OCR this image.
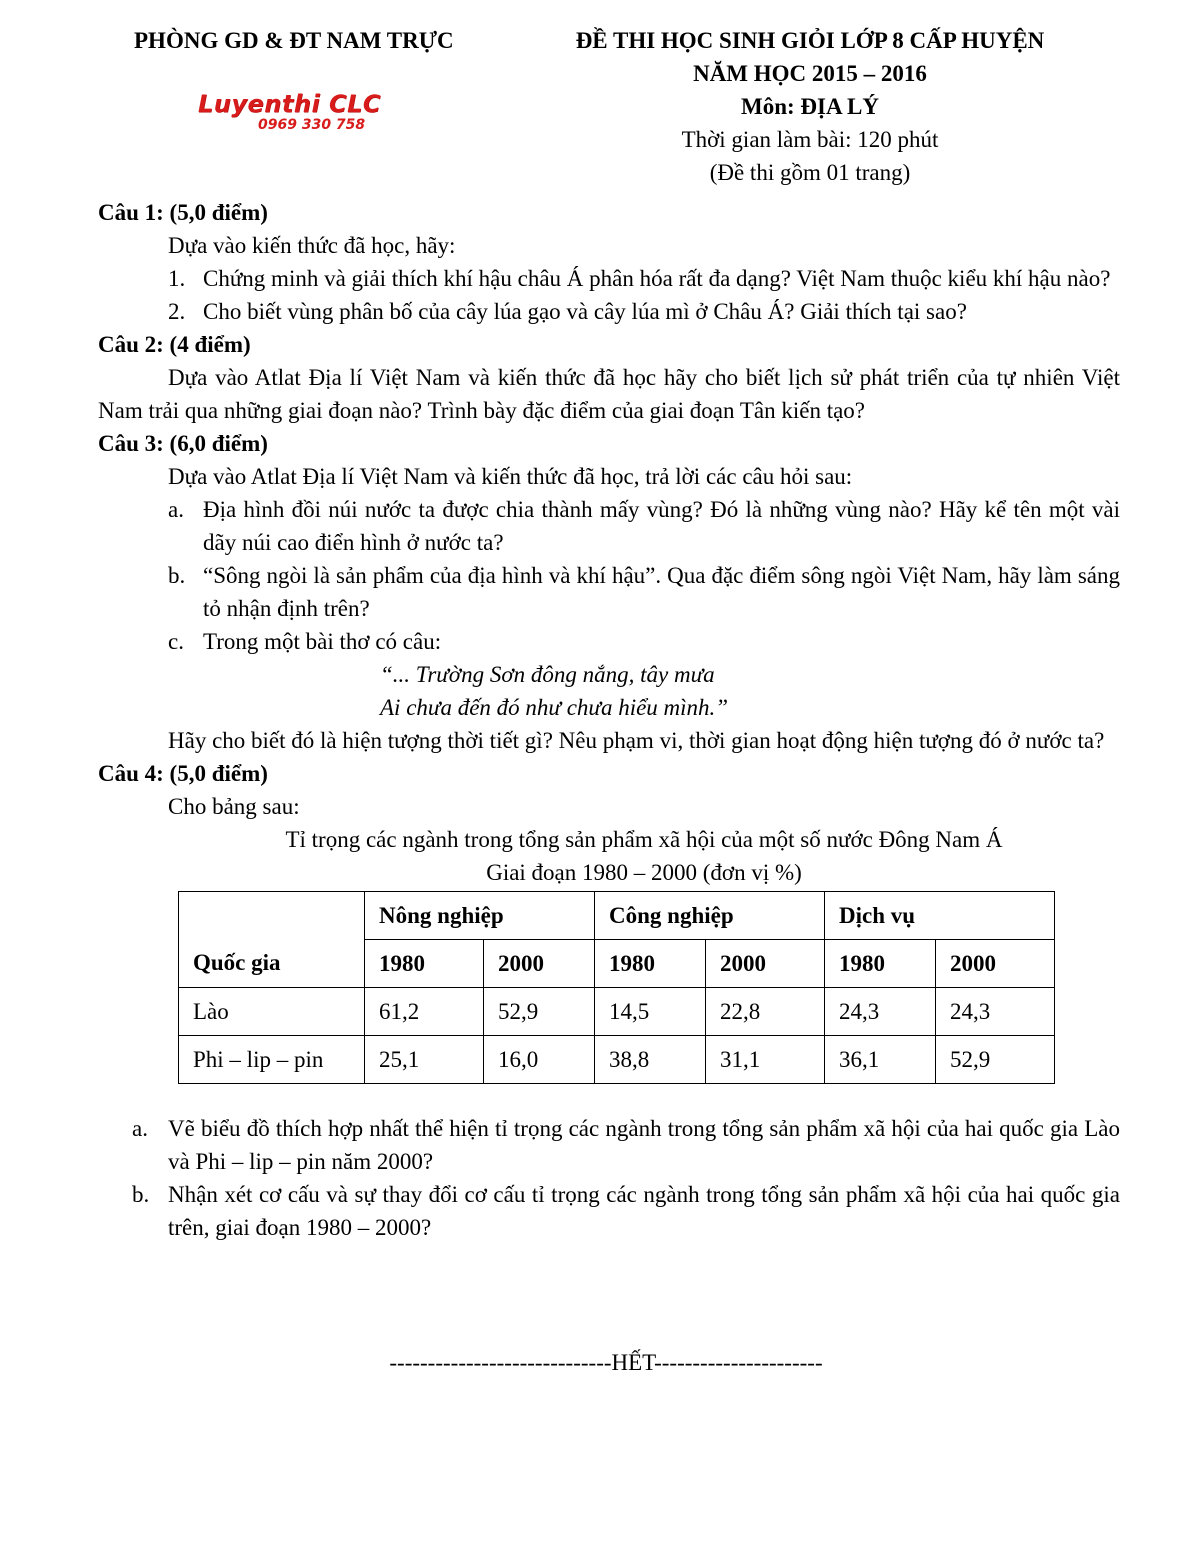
PHÒNG GD & ĐT NAM TRỰC	ĐỀ THI HỌC SINH GIỎI LỚP 8 CẤP HUYỆN
NĂM HỌC 2015 – 2016
Môn: ĐỊA LÝ
Thời gian làm bài: 120 phút
(Đề thi gồm 01 trang)
Luyenthi CLC
0969 330 758
Câu 1: (5,0 điểm)
Dựa vào kiến thức đã học, hãy:
1. Chứng minh và giải thích khí hậu châu Á phân hóa rất đa dạng? Việt Nam thuộc kiểu khí hậu nào?
2. Cho biết vùng phân bố của cây lúa gạo và cây lúa mì ở Châu Á? Giải thích tại sao?
Câu 2: (4 điểm)
Dựa vào Atlat Địa lí Việt Nam và kiến thức đã học hãy cho biết lịch sử phát triển của tự nhiên Việt Nam trải qua những giai đoạn nào? Trình bày đặc điểm của giai đoạn Tân kiến tạo?
Câu 3: (6,0 điểm)
Dựa vào Atlat Địa lí Việt Nam và kiến thức đã học, trả lời các câu hỏi sau:
a. Địa hình đồi núi nước ta được chia thành mấy vùng? Đó là những vùng nào? Hãy kể tên một vài dãy núi cao điển hình ở nước ta?
b. “Sông ngòi là sản phẩm của địa hình và khí hậu”. Qua đặc điểm sông ngòi Việt Nam, hãy làm sáng tỏ nhận định trên?
c. Trong một bài thơ có câu:
“... Trường Sơn đông nắng, tây mưa
Ai chưa đến đó như chưa hiểu mình.”
Hãy cho biết đó là hiện tượng thời tiết gì? Nêu phạm vi, thời gian hoạt động hiện tượng đó ở nước ta?
Câu 4: (5,0 điểm)
Cho bảng sau:
Tỉ trọng các ngành trong tổng sản phẩm xã hội của một số nước Đông Nam Á
Giai đoạn 1980 – 2000 (đơn vị %)
Quốc gia	Nông nghiệp		Công nghiệp		Dịch vụ	
	1980	2000	1980	2000	1980	2000
Lào	61,2	52,9	14,5	22,8	24,3	24,3
Phi – lip – pin	25,1	16,0	38,8	31,1	36,1	52,9
a. Vẽ biểu đồ thích hợp nhất thể hiện tỉ trọng các ngành trong tổng sản phẩm xã hội của hai quốc gia Lào và Phi – lip – pin năm 2000?
b. Nhận xét cơ cấu và sự thay đổi cơ cấu tỉ trọng các ngành trong tổng sản phẩm xã hội của hai quốc gia trên, giai đoạn 1980 – 2000?
-----------------------------HẾT----------------------
